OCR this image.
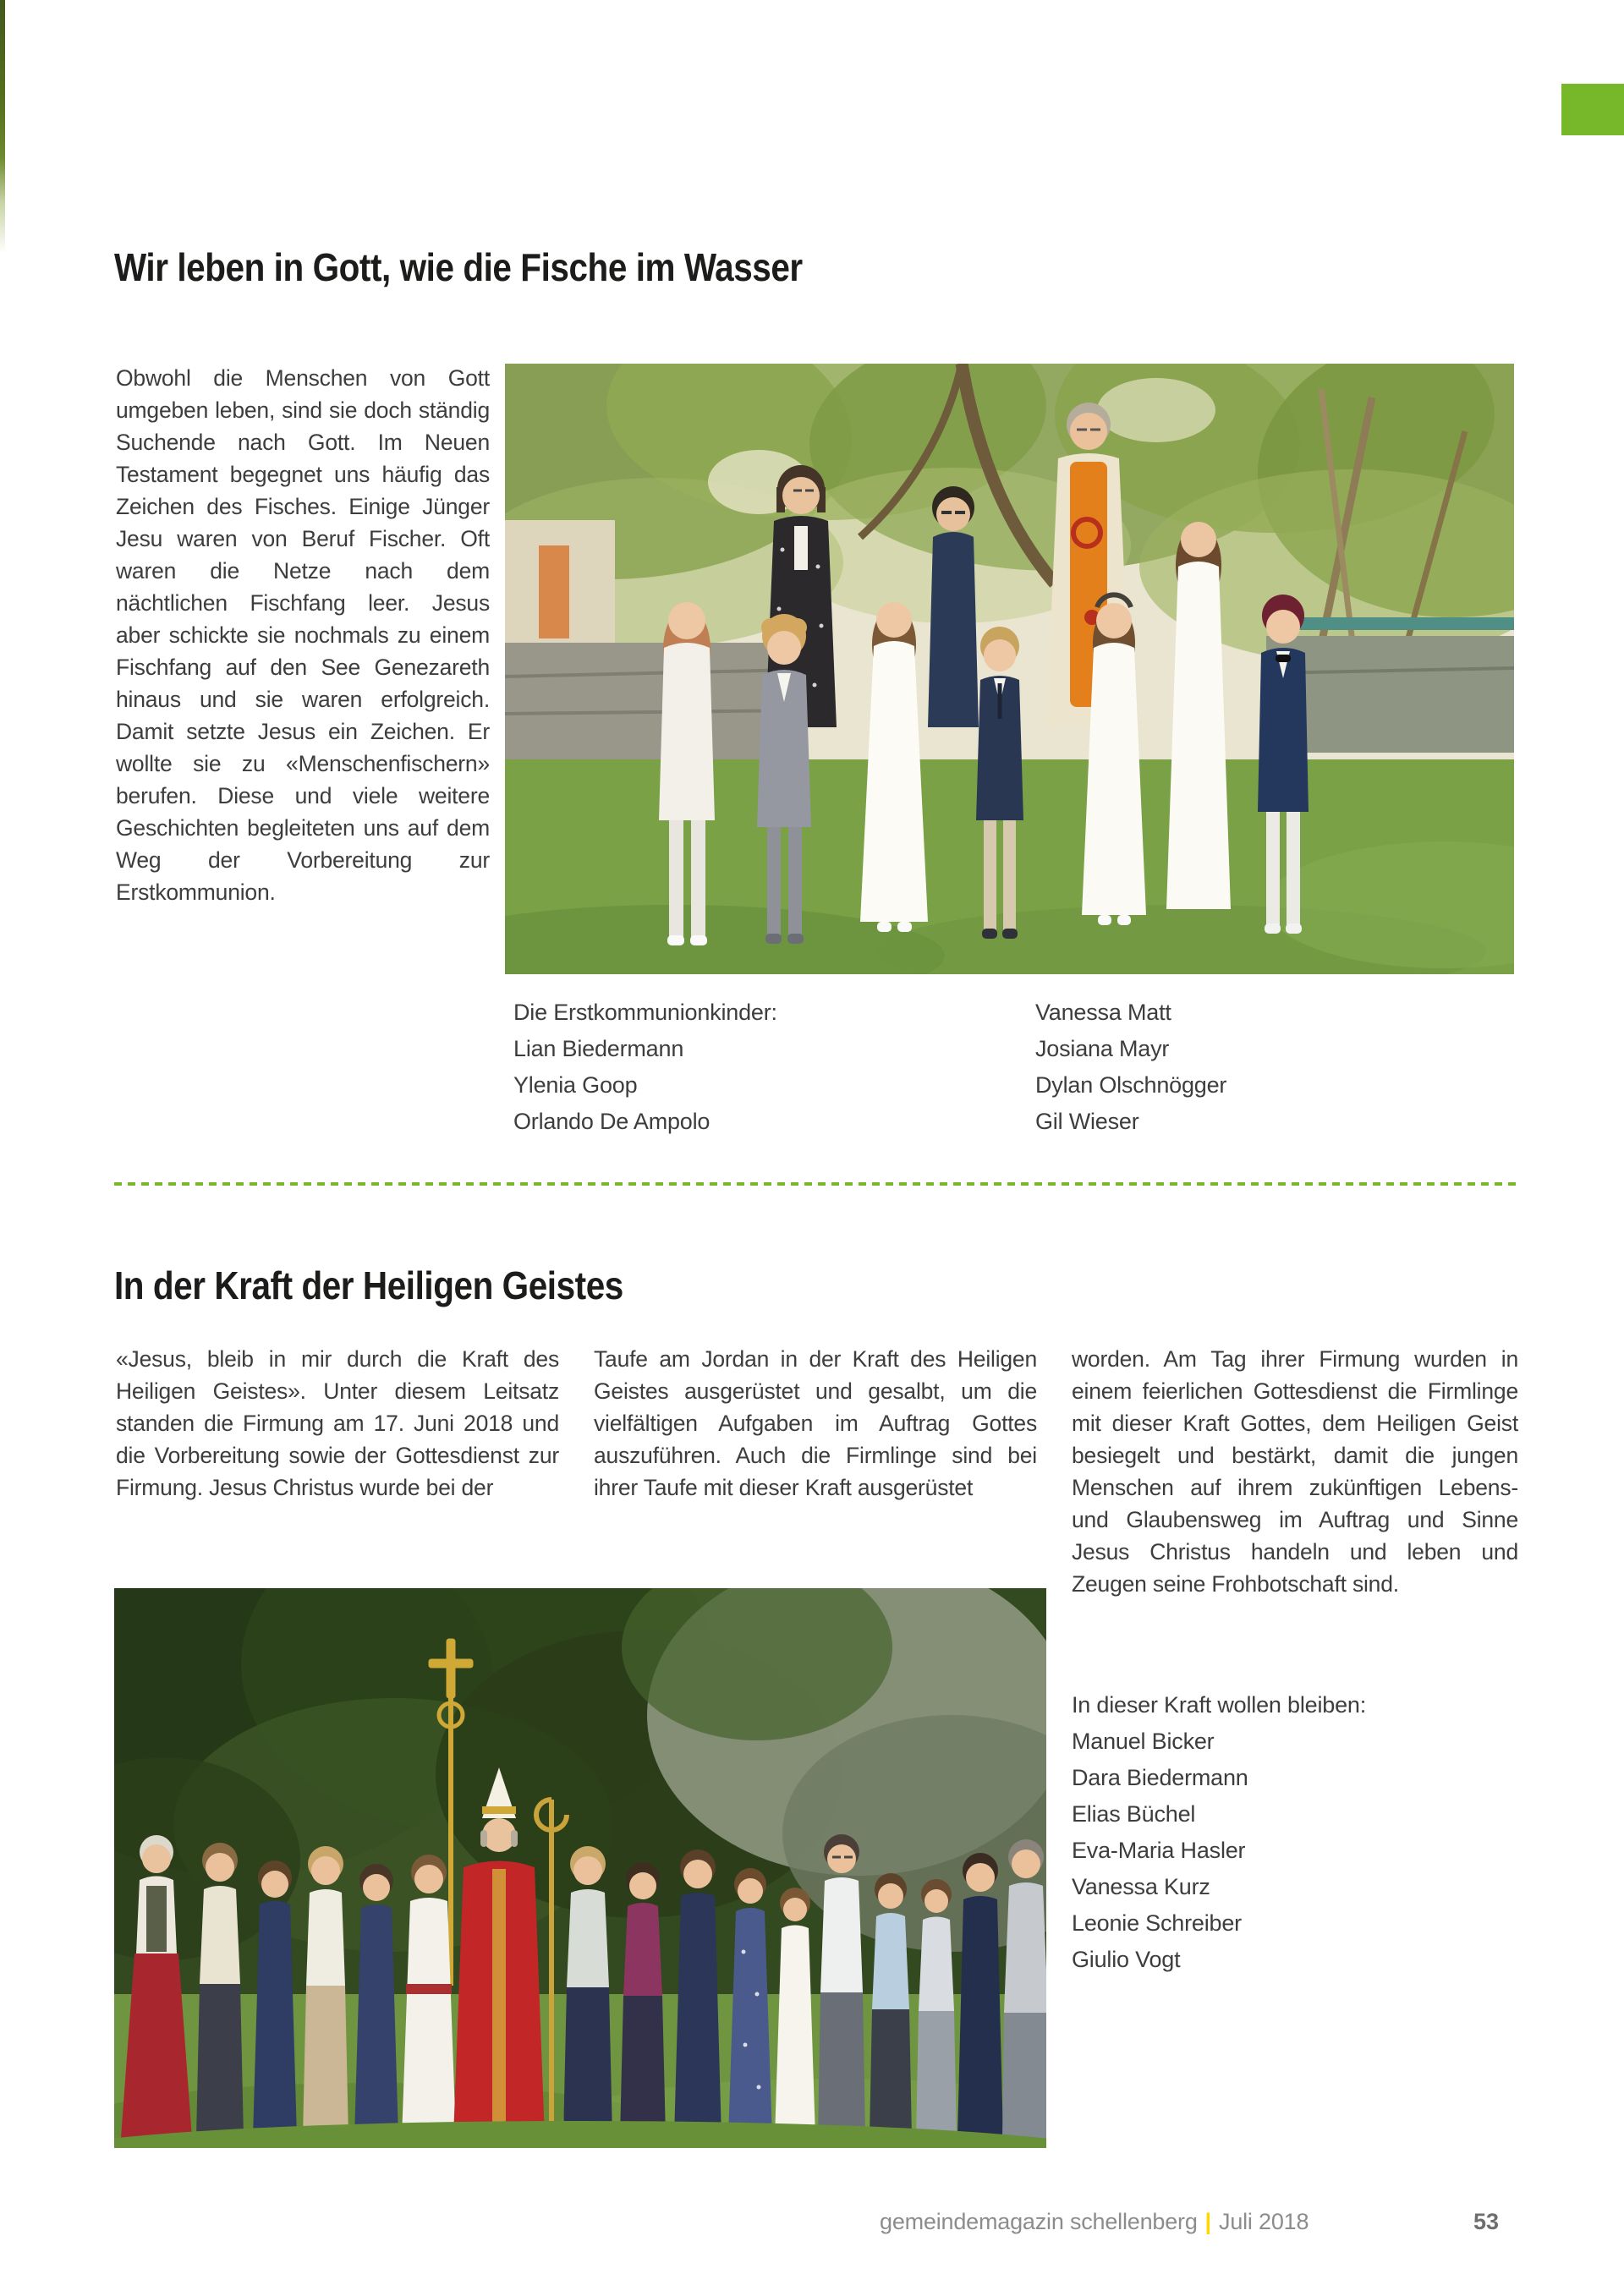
Wir leben in Gott, wie die Fische im Wasser
Obwohl die Menschen von Gott umgeben leben, sind sie doch ständig Suchende nach Gott. Im Neuen Testament begegnet uns häufig das Zeichen des Fisches. Einige Jünger Jesu waren von Beruf Fischer. Oft waren die Netze nach dem nächtlichen Fischfang leer. Jesus aber schickte sie nochmals zu einem Fischfang auf den See Genezareth hinaus und sie waren erfolgreich. Damit setzte Jesus ein Zeichen. Er wollte sie zu «Menschenfischern» berufen. Diese und viele weitere Geschichten begleiteten uns auf dem Weg der Vorbereitung zur Erstkommunion.
Die Erstkommunionkinder:
Lian Biedermann
Ylenia Goop
Orlando De Ampolo
Vanessa Matt
Josiana Mayr
Dylan Olschnögger
Gil Wieser
In der Kraft der Heiligen Geistes
«Jesus, bleib in mir durch die Kraft des Heiligen Geistes». Unter diesem Leitsatz standen die Firmung am 17. Juni 2018 und die Vorbereitung sowie der Gottesdienst zur Firmung. Jesus Christus wurde bei der
Taufe am Jordan in der Kraft des Heiligen Geistes ausgerüstet und gesalbt, um die vielfältigen Aufgaben im Auftrag Gottes auszuführen. Auch die Firmlinge sind bei ihrer Taufe mit dieser Kraft ausgerüstet
worden. Am Tag ihrer Firmung wurden in einem feierlichen Gottesdienst die Firmlinge mit dieser Kraft Gottes, dem Heiligen Geist besiegelt und bestärkt, damit die jungen Menschen auf ihrem zukünftigen Lebens- und Glaubensweg im Auftrag und Sinne Jesus Christus handeln und leben und Zeugen seine Frohbotschaft sind.
In dieser Kraft wollen bleiben:
Manuel Bicker
Dara Biedermann
Elias Büchel
Eva-Maria Hasler
Vanessa Kurz
Leonie Schreiber
Giulio Vogt
gemeindemagazin schellenberg | Juli 2018	53
